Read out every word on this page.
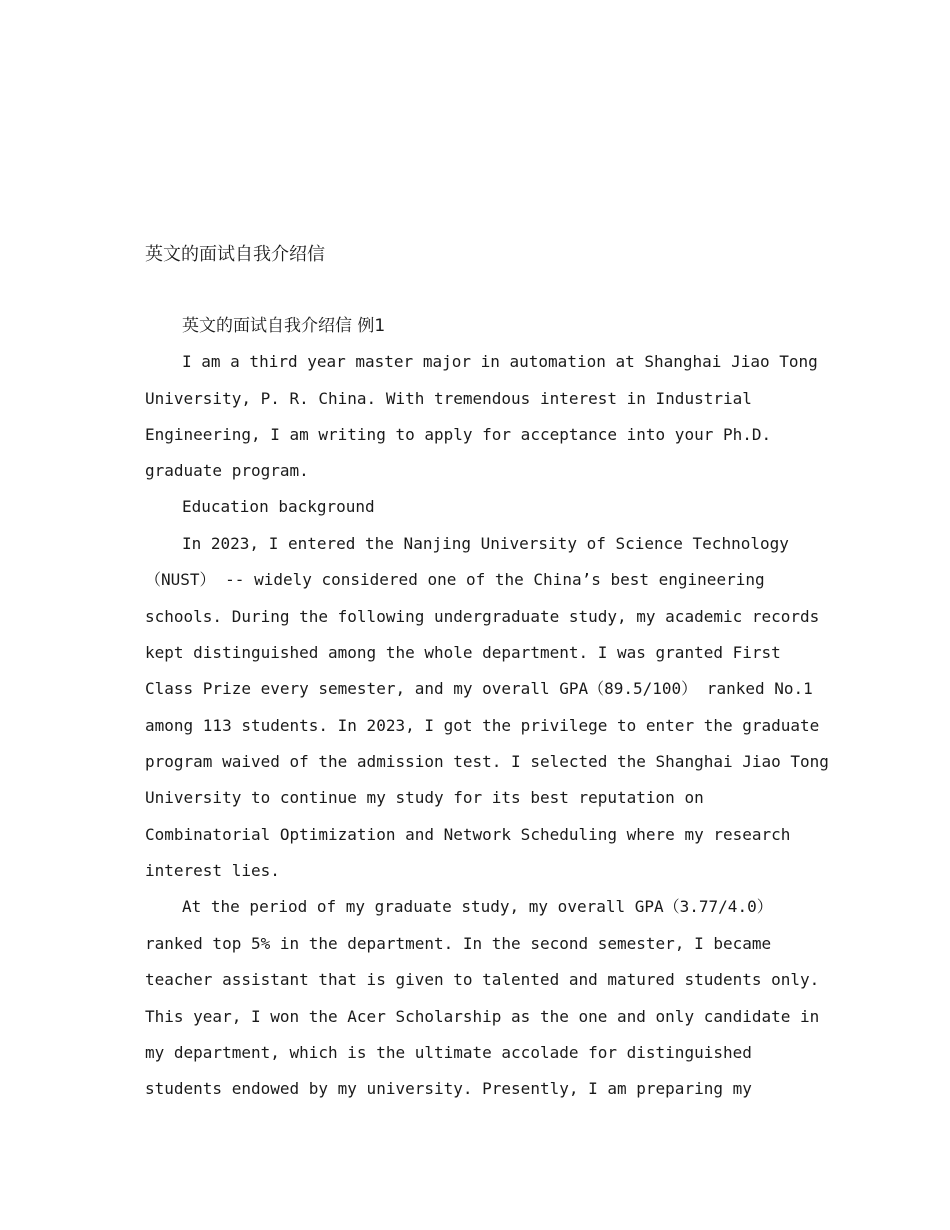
英文的面试自我介绍信
英文的面试自我介绍信 例1
I am a third year master major in automation at Shanghai Jiao Tong
University, P. R. China. With tremendous interest in Industrial
Engineering, I am writing to apply for acceptance into your Ph.D.
graduate program.
Education background
In 2023, I entered the Nanjing University of Science Technology
（NUST） -- widely considered one of the China’s best engineering
schools. During the following undergraduate study, my academic records
kept distinguished among the whole department. I was granted First
Class Prize every semester, and my overall GPA（89.5/100） ranked No.1
among 113 students. In 2023, I got the privilege to enter the graduate
program waived of the admission test. I selected the Shanghai Jiao Tong
University to continue my study for its best reputation on
Combinatorial Optimization and Network Scheduling where my research
interest lies.
At the period of my graduate study, my overall GPA（3.77/4.0）
ranked top 5% in the department. In the second semester, I became
teacher assistant that is given to talented and matured students only.
This year, I won the Acer Scholarship as the one and only candidate in
my department, which is the ultimate accolade for distinguished
students endowed by my university. Presently, I am preparing my
